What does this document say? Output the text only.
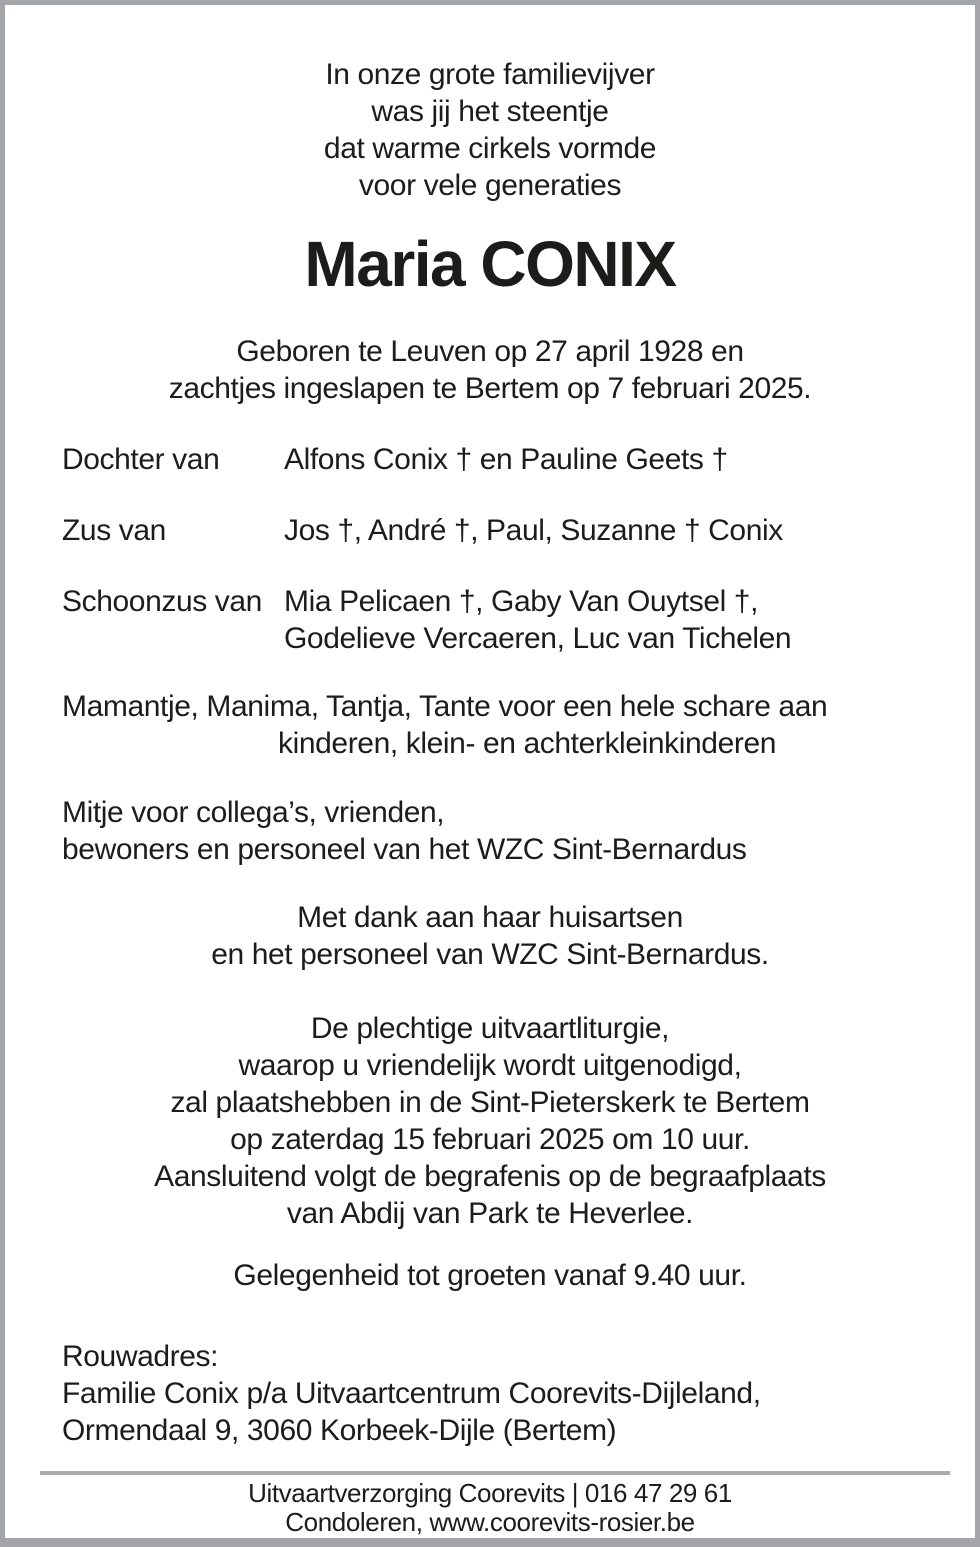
In onze grote familievijver
was jij het steentje
dat warme cirkels vormde
voor vele generaties
Maria CONIX
Geboren te Leuven op 27 april 1928 en
zachtjes ingeslapen te Bertem op 7 februari 2025.
Dochter van	Alfons Conix † en Pauline Geets †
Zus van	Jos †, André †, Paul, Suzanne † Conix
Schoonzus van Mia Pelicaen †, Gaby Van Ouytsel †,
Godelieve Vercaeren, Luc van Tichelen
Mamantje, Manima, Tantja, Tante voor een hele schare aan
kinderen, klein- en achterkleinkinderen
Mitje voor collega’s, vrienden,
bewoners en personeel van het WZC Sint-Bernardus
Met dank aan haar huisartsen
en het personeel van WZC Sint-Bernardus.
De plechtige uitvaartliturgie,
waarop u vriendelijk wordt uitgenodigd,
zal plaatshebben in de Sint-Pieterskerk te Bertem
op zaterdag 15 februari 2025 om 10 uur.
Aansluitend volgt de begrafenis op de begraafplaats
van Abdij van Park te Heverlee.
Gelegenheid tot groeten vanaf 9.40 uur.
Rouwadres:
Familie Conix p/a Uitvaartcentrum Coorevits-Dijleland,
Ormendaal 9, 3060 Korbeek-Dijle (Bertem)
Uitvaartverzorging Coorevits | 016 47 29 61
Condoleren, www.coorevits-rosier.be
